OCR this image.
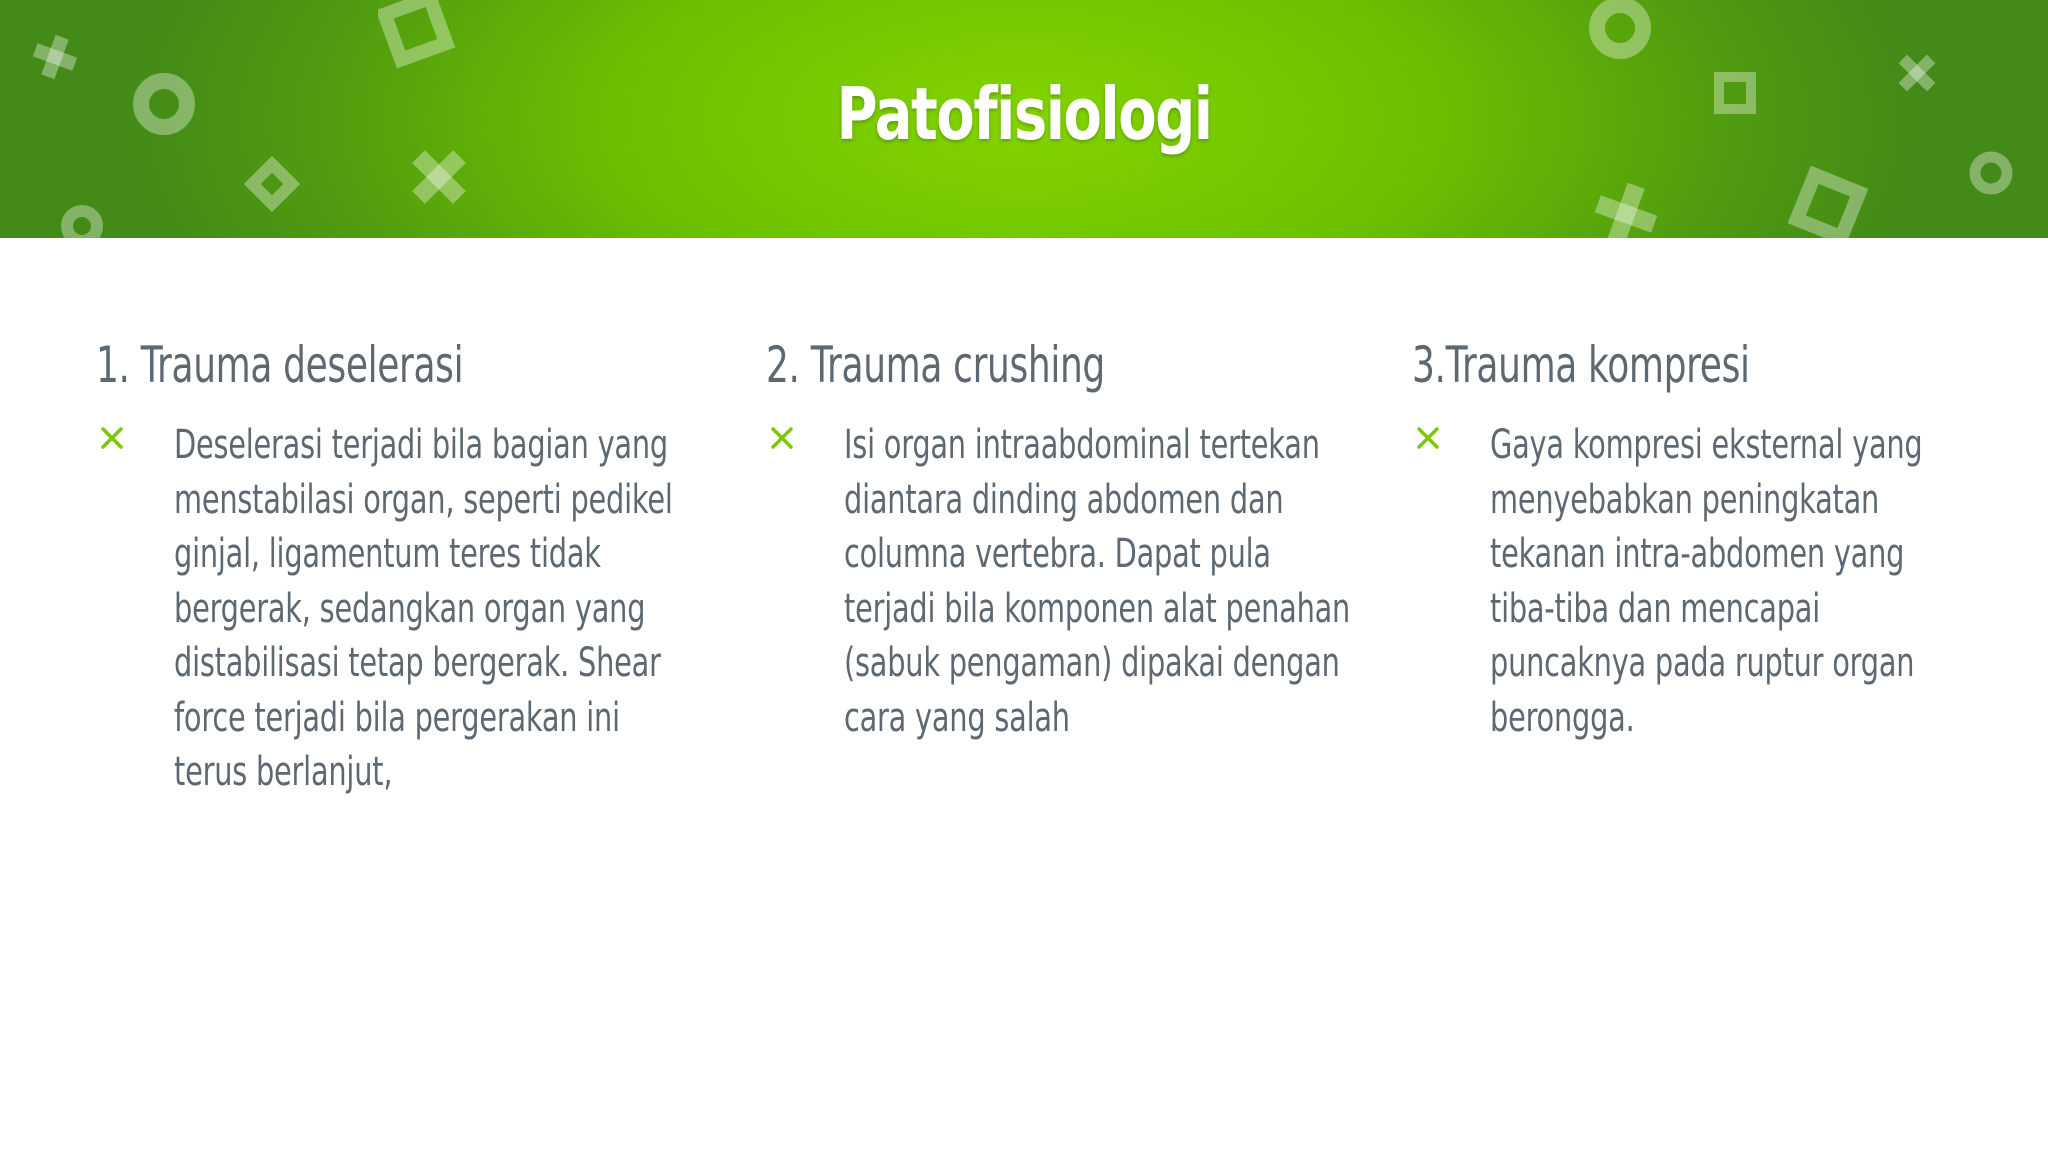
Patofisiologi
1. Trauma deselerasi
Deselerasi terjadi bila bagian yang
menstabilasi organ, seperti pedikel
ginjal, ligamentum teres tidak
bergerak, sedangkan organ yang
distabilisasi tetap bergerak. Shear
force terjadi bila pergerakan ini
terus berlanjut,
2. Trauma crushing
Isi organ intraabdominal tertekan
diantara dinding abdomen dan
columna vertebra. Dapat pula
terjadi bila komponen alat penahan
(sabuk pengaman) dipakai dengan
cara yang salah
3.Trauma kompresi
Gaya kompresi eksternal yang
menyebabkan peningkatan
tekanan intra-abdomen yang
tiba-tiba dan mencapai
puncaknya pada ruptur organ
berongga.
